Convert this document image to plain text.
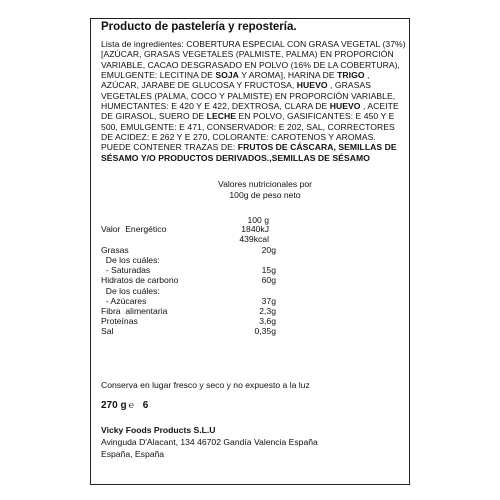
Producto de pastelería y repostería.
Lista de ingredientes: COBERTURA ESPECIAL CON GRASA VEGETAL (37%) [AZÚCAR, GRASAS VEGETALES (PALMISTE, PALMA) EN PROPORCIÓN VARIABLE, CACAO DESGRASADO EN POLVO (16% DE LA COBERTURA), EMULGENTE: LECITINA DE SOJA Y AROMA], HARINA DE TRIGO , AZÚCAR, JARABE DE GLUCOSA Y FRUCTOSA, HUEVO , GRASAS VEGETALES (PALMA, COCO Y PALMISTE) EN PROPORCIÓN VARIABLE, HUMECTANTES: E 420 Y E 422, DEXTROSA, CLARA DE HUEVO , ACEITE DE GIRASOL, SUERO DE LECHE EN POLVO, GASIFICANTES: E 450 Y E 500, EMULGENTE: E 471, CONSERVADOR: E 202, SAL, CORRECTORES DE ACIDEZ: E 262 Y E 270, COLORANTE: CAROTENOS Y AROMAS. PUEDE CONTENER TRAZAS DE: FRUTOS DE CÁSCARA, SEMILLAS DE SÉSAMO Y/O PRODUCTOS DERIVADOS.,SEMILLAS DE SÉSAMO
Valores nutricionales por
100g de peso neto
100 g
Valor  Energético	1840kJ
439kcal
Grasas	20g
De los cuáles:
- Saturadas	15g
Hidratos de carbono	60g
De los cuáles:
- Azúcares	37g
Fibra  alimentaria	2,3g
Proteínas	3,6g
Sal	0,35g
Conserva en lugar fresco y seco y no expuesto a la luz
270 g ℮ 6
Vicky Foods Products S.L.U
Avinguda D'Alacant, 134 46702 Gandía Valencia España
España, España
